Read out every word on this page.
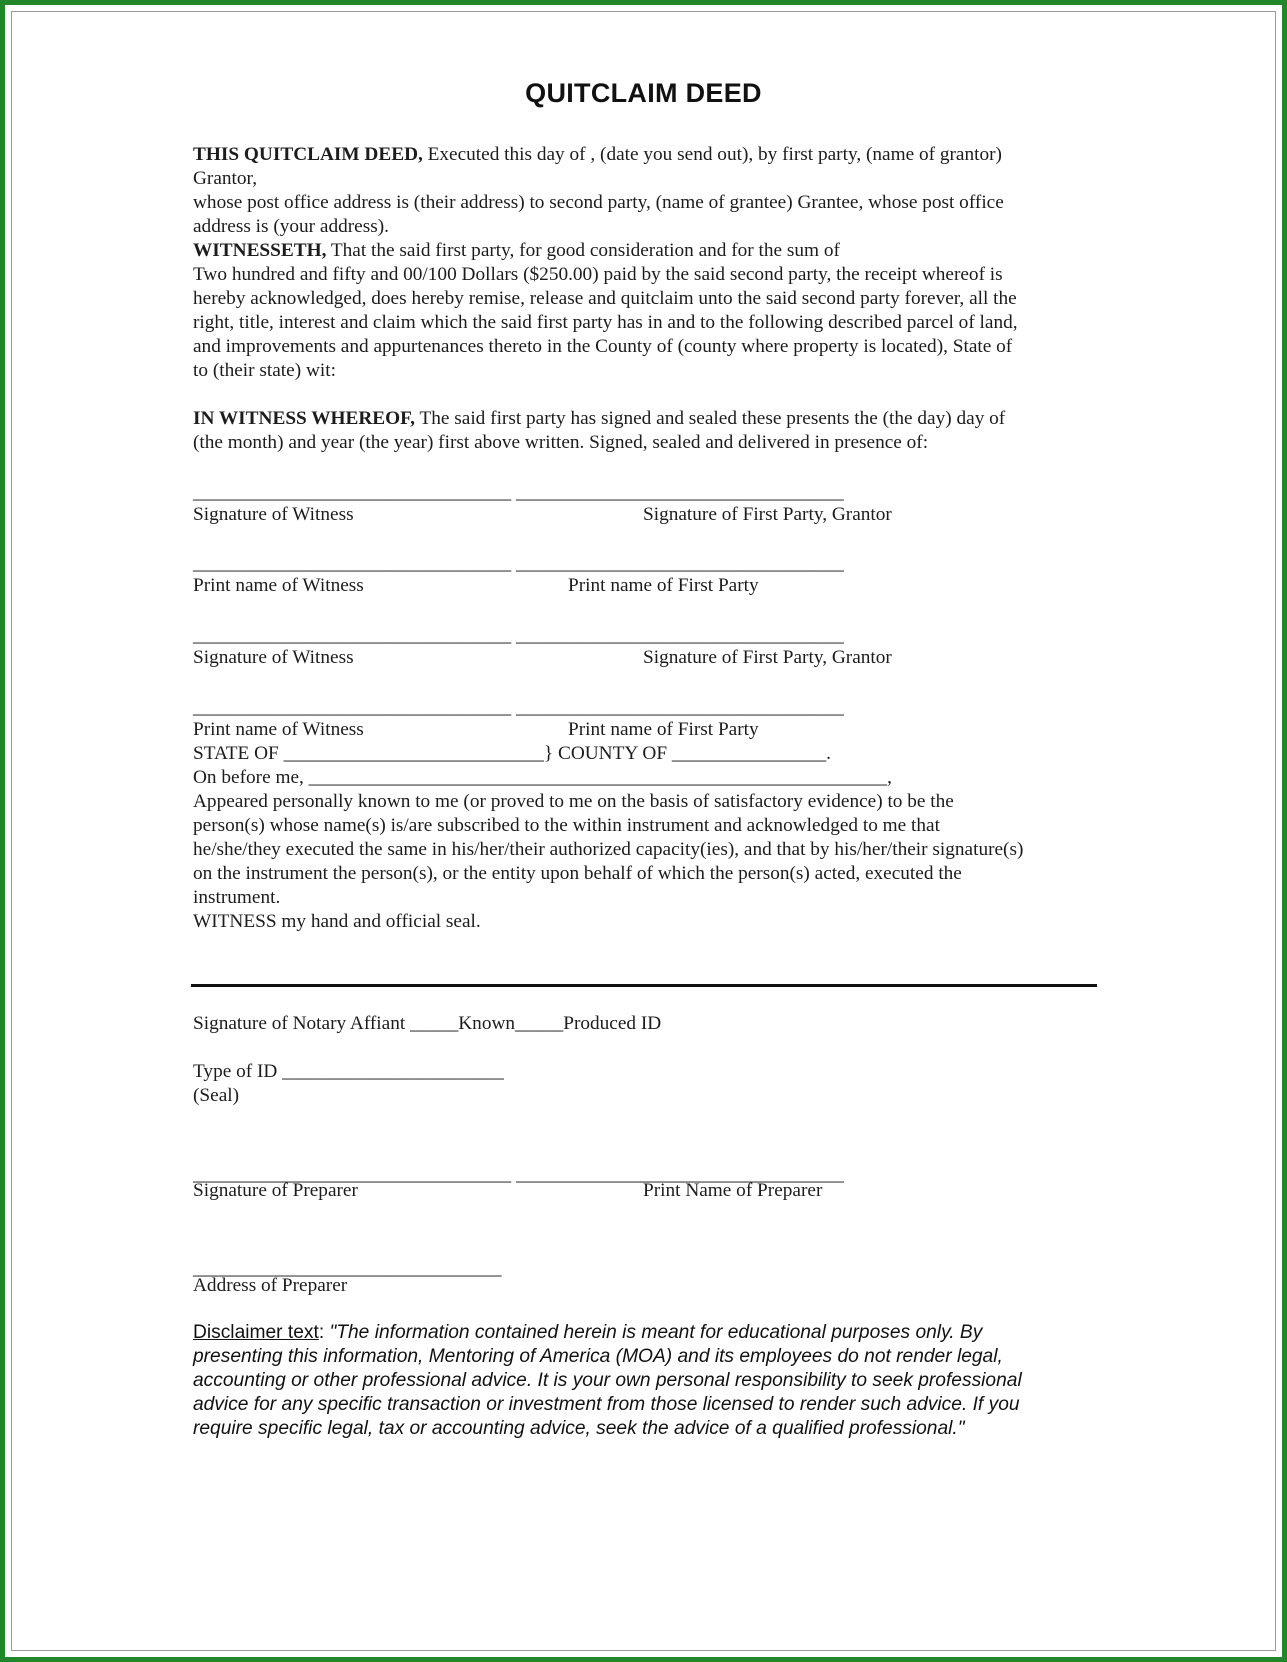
QUITCLAIM DEED
THIS QUITCLAIM DEED, Executed this day of , (date you send out), by first party, (name of grantor)
Grantor,
whose post office address is (their address) to second party, (name of grantee) Grantee, whose post office
address is (your address).
WITNESSETH, That the said first party, for good consideration and for the sum of
Two hundred and fifty and 00/100 Dollars ($250.00) paid by the said second party, the receipt whereof is
hereby acknowledged, does hereby remise, release and quitclaim unto the said second party forever, all the
right, title, interest and claim which the said first party has in and to the following described parcel of land,
and improvements and appurtenances thereto in the County of (county where property is located), State of
to (their state) wit:
IN WITNESS WHEREOF, The said first party has signed and sealed these presents the (the day) day of
(the month) and year (the year) first above written. Signed, sealed and delivered in presence of:
_________________________________ __________________________________
Signature of Witness	Signature of First Party, Grantor
_________________________________ __________________________________
Print name of Witness	Print name of First Party
_________________________________ __________________________________
Signature of Witness	Signature of First Party, Grantor
_________________________________ __________________________________
Print name of Witness	Print name of First Party
STATE OF ___________________________} COUNTY OF ________________.
On before me, ____________________________________________________________,
Appeared personally known to me (or proved to me on the basis of satisfactory evidence) to be the
person(s) whose name(s) is/are subscribed to the within instrument and acknowledged to me that
he/she/they executed the same in his/her/their authorized capacity(ies), and that by his/her/their signature(s)
on the instrument the person(s), or the entity upon behalf of which the person(s) acted, executed the
instrument.
WITNESS my hand and official seal.
Signature of Notary Affiant _____Known_____Produced ID
Type of ID _______________________
(Seal)
_________________________________ __________________________________
Signature of Preparer	Print Name of Preparer
________________________________
Address of Preparer
Disclaimer text: "The information contained herein is meant for educational purposes only. By
presenting this information, Mentoring of America (MOA) and its employees do not render legal,
accounting or other professional advice. It is your own personal responsibility to seek professional
advice for any specific transaction or investment from those licensed to render such advice. If you
require specific legal, tax or accounting advice, seek the advice of a qualified professional."
